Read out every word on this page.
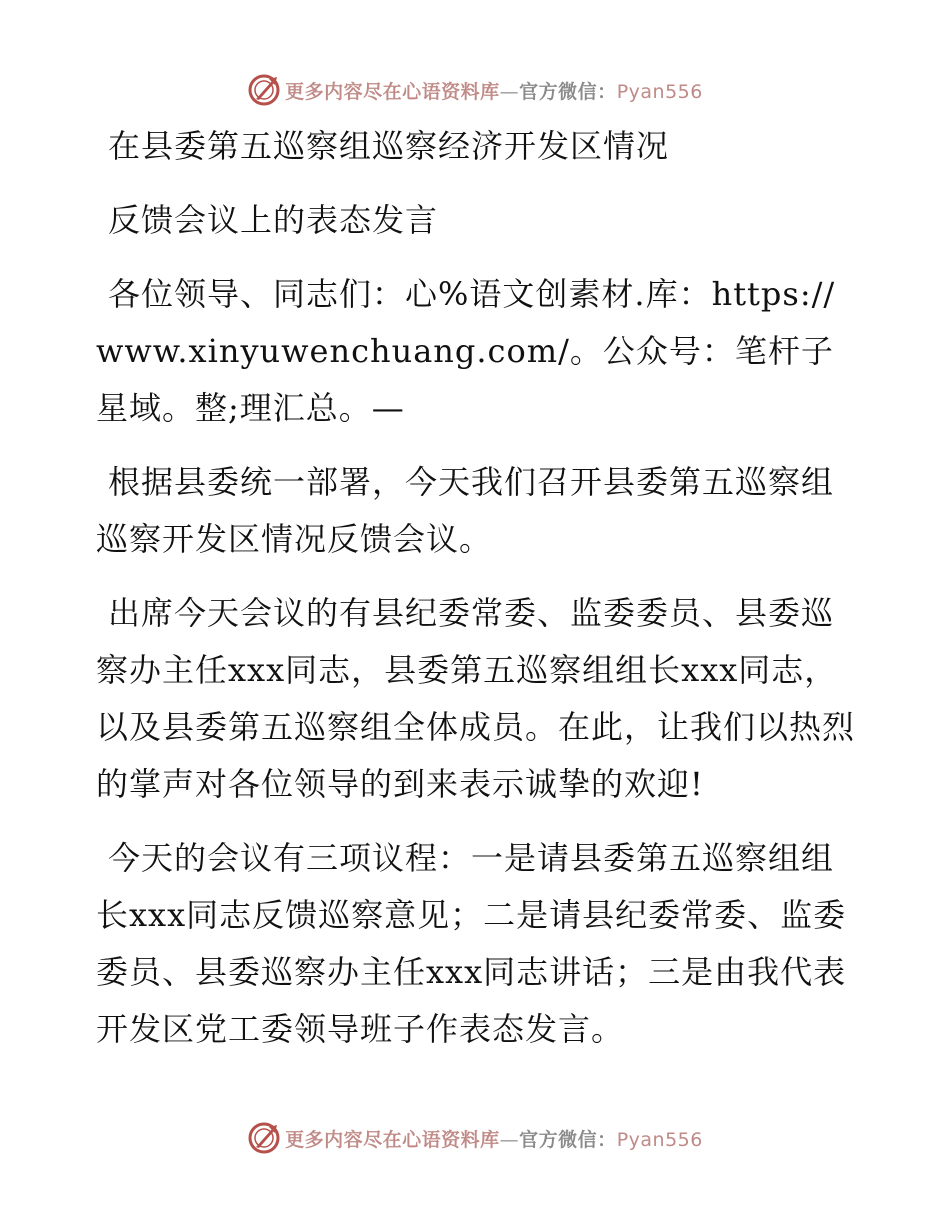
更多内容尽在心语资料库—官方微信：Pyan556

在县委第五巡察组巡察经济开发区情况

反馈会议上的表态发言

各位领导、同志们：心%语文创素材.库：https://www.xinyuwenchuang.com/。公众号：笔杆子星域。整;理汇总。—

根据县委统一部署，今天我们召开县委第五巡察组巡察开发区情况反馈会议。

出席今天会议的有县纪委常委、监委委员、县委巡察办主任xxx同志，县委第五巡察组组长xxx同志，以及县委第五巡察组全体成员。在此，让我们以热烈的掌声对各位领导的到来表示诚挚的欢迎!

今天的会议有三项议程：一是请县委第五巡察组组长xxx同志反馈巡察意见；二是请县纪委常委、监委委员、县委巡察办主任xxx同志讲话；三是由我代表开发区党工委领导班子作表态发言。

更多内容尽在心语资料库—官方微信：Pyan556
